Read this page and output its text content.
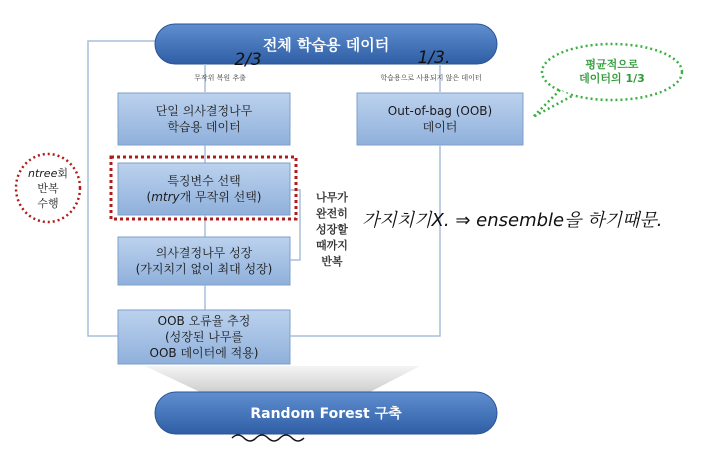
전체 학습용 데이터
무작위 복원 추출
2/3
학습용으로 사용되지 않은 데이터
1/3.
단일 의사결정나무
학습용 데이터
특징변수 선택
(mtry개 무작위 선택)
의사결정나무 성장
(가지치기 없이 최대 성장)
OOB 오류율 추정
(성장된 나무를
OOB 데이터에 적용)
Out-of-bag (OOB)
데이터
평균적으로
데이터의 1/3
ntree회
반복
수행	나무가
완전히
성장할
때까지
반복
가지치기X. ⇒ ensemble을 하기때문.
Random Forest 구축
